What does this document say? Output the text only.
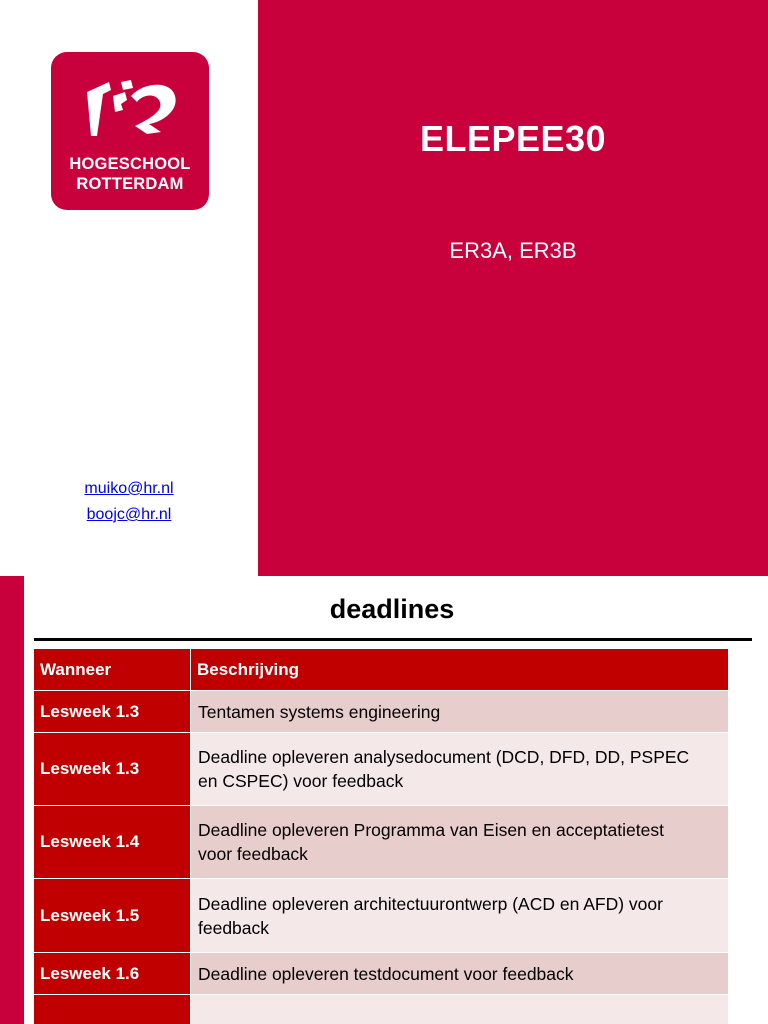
HOGESCHOOL
ROTTERDAM
ELEPEE30
ER3A, ER3B
muiko@hr.nl
boojc@hr.nl
deadlines
Wanneer	Beschrijving
Lesweek 1.3	Tentamen systems engineering

Lesweek 1.3	Deadline opleveren analysedocument (DCD, DFD, DD, PSPEC
en CSPEC) voor feedback

Lesweek 1.4	Deadline opleveren Programma van Eisen en acceptatietest
voor feedback

Lesweek 1.5	Deadline opleveren architectuurontwerp (ACD en AFD) voor
feedback

Lesweek 1.6	Deadline opleveren testdocument voor feedback
